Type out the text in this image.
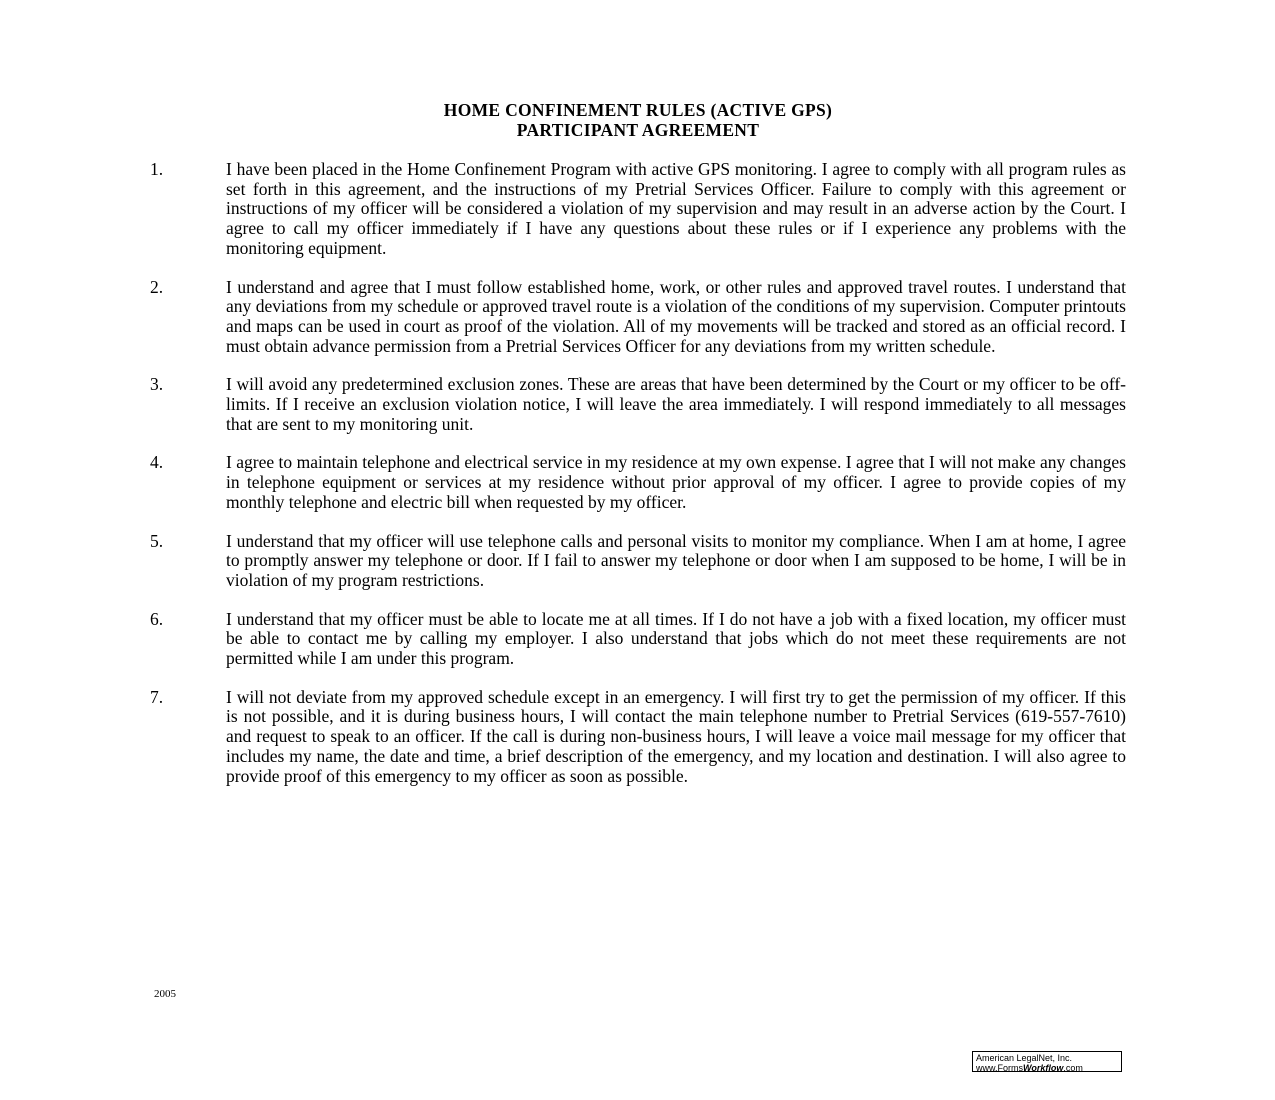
HOME CONFINEMENT RULES (ACTIVE GPS)
PARTICIPANT AGREEMENT
1.	I have been placed in the Home Confinement Program with active GPS monitoring. I agree to comply with all program rules as set forth in this agreement, and the instructions of my Pretrial Services Officer. Failure to comply with this agreement or instructions of my officer will be considered a violation of my supervision and may result in an adverse action by the Court. I agree to call my officer immediately if I have any questions about these rules or if I experience any problems with the monitoring equipment.
2.	I understand and agree that I must follow established home, work, or other rules and approved travel routes. I understand that any deviations from my schedule or approved travel route is a violation of the conditions of my supervision. Computer printouts and maps can be used in court as proof of the violation. All of my movements will be tracked and stored as an official record. I must obtain advance permission from a Pretrial Services Officer for any deviations from my written schedule.
3.	I will avoid any predetermined exclusion zones. These are areas that have been determined by the Court or my officer to be off-limits. If I receive an exclusion violation notice, I will leave the area immediately. I will respond immediately to all messages that are sent to my monitoring unit.
4.	I agree to maintain telephone and electrical service in my residence at my own expense. I agree that I will not make any changes in telephone equipment or services at my residence without prior approval of my officer. I agree to provide copies of my monthly telephone and electric bill when requested by my officer.
5.	I understand that my officer will use telephone calls and personal visits to monitor my compliance. When I am at home, I agree to promptly answer my telephone or door. If I fail to answer my telephone or door when I am supposed to be home, I will be in violation of my program restrictions.
6.	I understand that my officer must be able to locate me at all times. If I do not have a job with a fixed location, my officer must be able to contact me by calling my employer. I also understand that jobs which do not meet these requirements are not permitted while I am under this program.
7.	I will not deviate from my approved schedule except in an emergency. I will first try to get the permission of my officer. If this is not possible, and it is during business hours, I will contact the main telephone number to Pretrial Services (619-557-7610) and request to speak to an officer. If the call is during non-business hours, I will leave a voice mail message for my officer that includes my name, the date and time, a brief description of the emergency, and my location and destination. I will also agree to provide proof of this emergency to my officer as soon as possible.
2005
American LegalNet, Inc.
www.FormsWorkflow.com
